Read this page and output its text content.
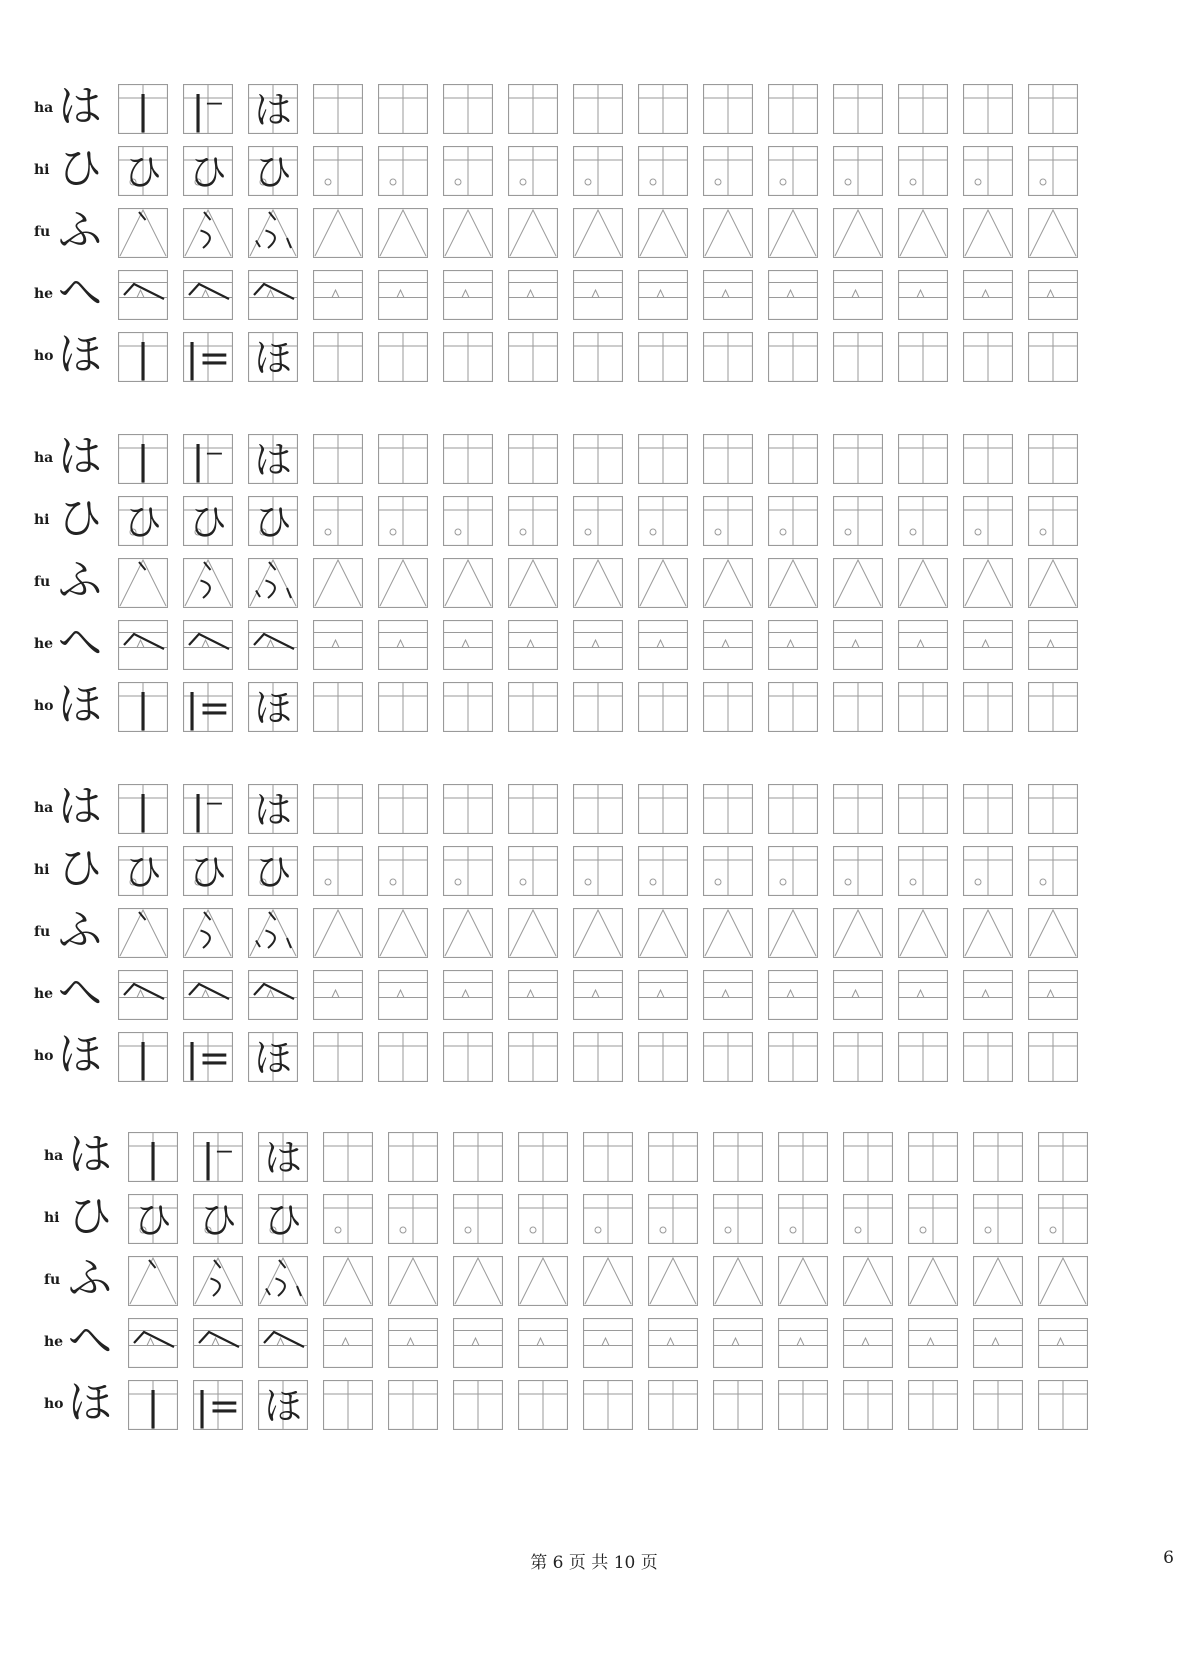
ha は | |⁻ は
hi ひ ひ ひ ひ
fu ふ
he へ
ho ほ | |= ほ
ha は | |⁻ は
hi ひ ひ ひ ひ
fu ふ
he へ
ho ほ | |= ほ
ha は | |⁻ は
hi ひ ひ ひ ひ
fu ふ
he へ
ho ほ | |= ほ
ha は | |⁻ は
hi ひ ひ ひ ひ
fu ふ
he へ
ho ほ | |= ほ
第 6 页 共 10 页	6
